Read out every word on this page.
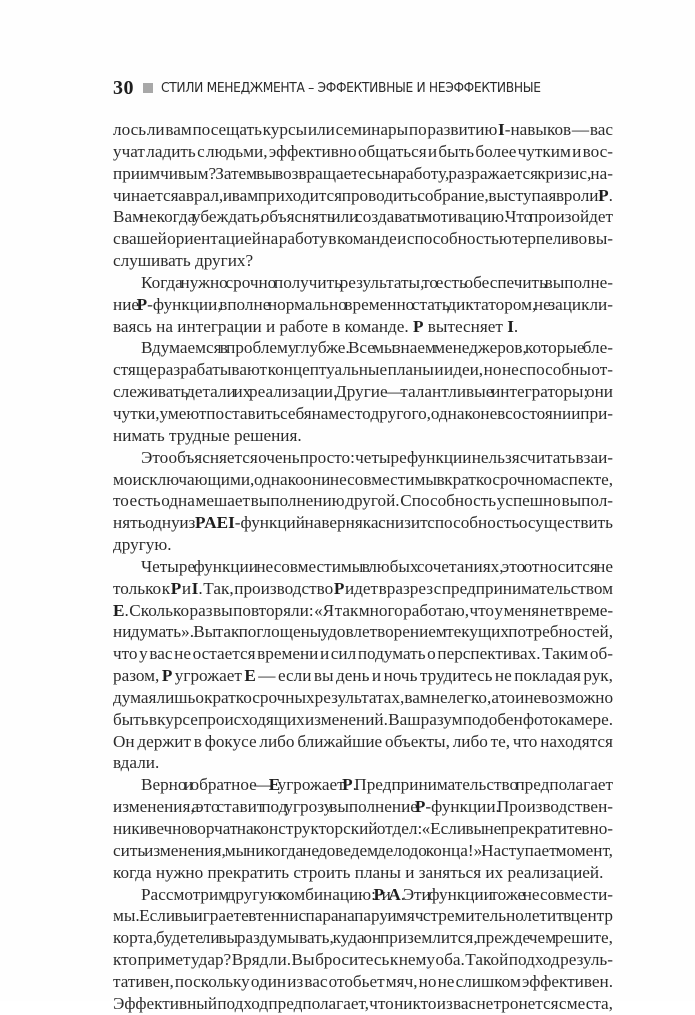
30 СТИЛИ МЕНЕДЖМЕНТА – ЭФФЕКТИВНЫЕ И НЕЭФФЕКТИВНЫЕ
лось ли вам посещать курсы или семинары по развитию I-навыков — вас
учат ладить с людьми, эффективно общаться и быть более чутким и вос-
приимчивым? Затем вы возвращаетесь на работу, разражается кризис, на-
чинается аврал, и вам приходится проводить собрание, выступая в роли P.
Вам некогда убеждать, объяснять или создавать мотивацию. Что произойдет
с вашей ориентацией на работу в команде и способностью терпеливо вы-
слушивать других?
Когда нужно срочно получить результаты, то есть обеспечить выполне-
ние P-функции, вполне нормально временно стать диктатором, не зацикли-
ваясь на интеграции и работе в команде. P вытесняет I.
Вдумаемся в проблему глубже. Все мы знаем менеджеров, которые бле-
стяще разрабатывают концептуальные планы и идеи, но не способны от-
слеживать детали их реализации. Другие — талантливые интеграторы; они
чутки, умеют поставить себя на место другого, однако не в состоянии при-
нимать трудные решения.
Это объясняется очень просто: четыре функции нельзя считать взаи-
моисключающими, однако они несовместимы в краткосрочном аспекте,
то есть одна мешает выполнению другой. Способность успешно выпол-
нять одну из PAEI-функций наверняка снизит способность осуществить
другую.
Четыре функции несовместимы в любых сочетаниях, это относится не
только к P и I. Так, производство P идет вразрез с предпринимательством
E. Сколько раз вы повторяли: «Я так много работаю, что у меня нет време-
ни думать». Вы так поглощены удовлетворением текущих потребностей,
что у вас не остается времени и сил подумать о перспективах. Таким об-
разом, P угрожает E — если вы день и ночь трудитесь не покладая рук,
думая лишь о краткосрочных результатах, вам нелегко, а то и невозможно
быть в курсе происходящих изменений. Ваш разум подобен фотокамере.
Он держит в фокусе либо ближайшие объекты, либо те, что находятся
вдали.
Верно и обратное — E угрожает P. Предпринимательство предполагает
изменения, а это ставит под угрозу выполнение P-функции. Производствен-
ники вечно ворчат на конструкторский отдел: «Если вы не прекратите вно-
сить изменения, мы никогда не доведем дело до конца!» Наступает момент,
когда нужно прекратить строить планы и заняться их реализацией.
Рассмотрим другую комбинацию: P и A. Эти функции тоже несовмести-
мы. Если вы играете в теннис пара на пару и мяч стремительно летит в центр
корта, будете ли вы раздумывать, куда он приземлится, прежде чем решите,
кто примет удар? Вряд ли. Вы броситесь к нему оба. Такой подход резуль-
тативен, поскольку один из вас отобьет мяч, но не слишком эффективен.
Эффективный подход предполагает, что никто из вас не тронется с места,
